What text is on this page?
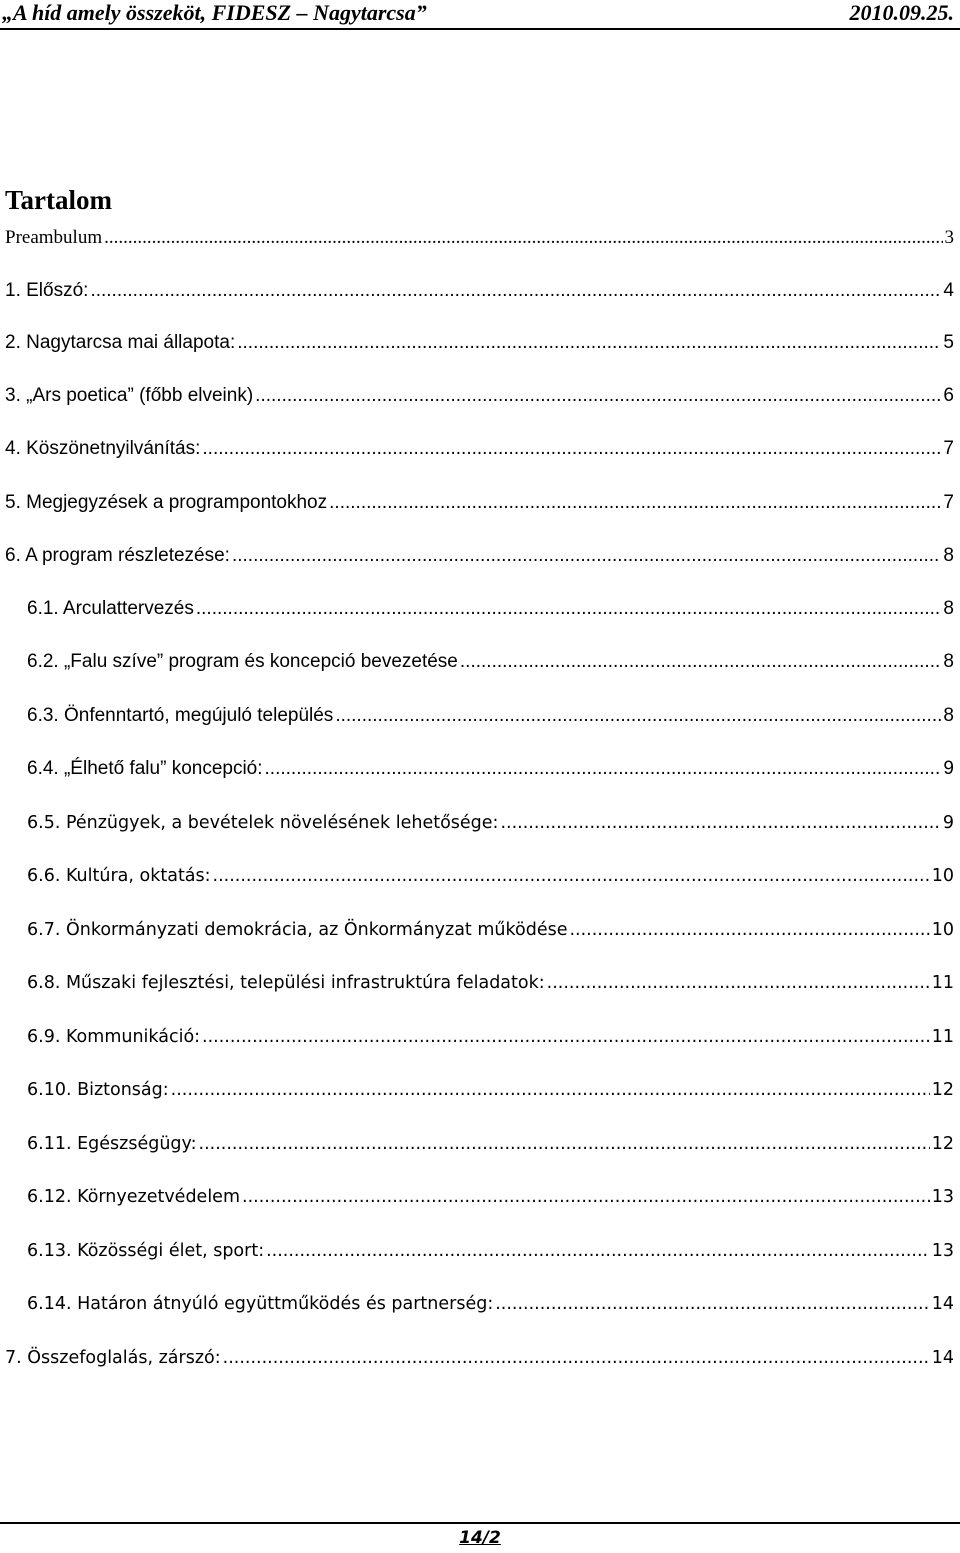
„A híd amely összeköt, FIDESZ – Nagytarcsa”	2010.09.25.
Tartalom
Preambulum .....	3
1. Előszó: .....	4
2. Nagytarcsa mai állapota: .....	5
3. „Ars poetica” (főbb elveink) .....	6
4. Köszönetnyilvánítás: .....	7
5. Megjegyzések a programpontokhoz .....	7
6. A program részletezése: .....	8
6.1. Arculattervezés .....	8
6.2. „Falu szíve” program és koncepció bevezetése .....	8
6.3. Önfenntartó, megújuló település .....	8
6.4. „Élhető falu” koncepció: .....	9
6.5. Pénzügyek, a bevételek növelésének lehetősége: .....	9
6.6. Kultúra, oktatás: .....	10
6.7. Önkormányzati demokrácia, az Önkormányzat működése .....	10
6.8. Műszaki fejlesztési, települési infrastruktúra feladatok: .....	11
6.9. Kommunikáció: .....	11
6.10. Biztonság: .....	12
6.11. Egészségügy: .....	12
6.12. Környezetvédelem .....	13
6.13. Közösségi élet, sport: .....	13
6.14. Határon átnyúló együttműködés és partnerség: .....	14
7. Összefoglalás, zárszó: .....	14
14/2
